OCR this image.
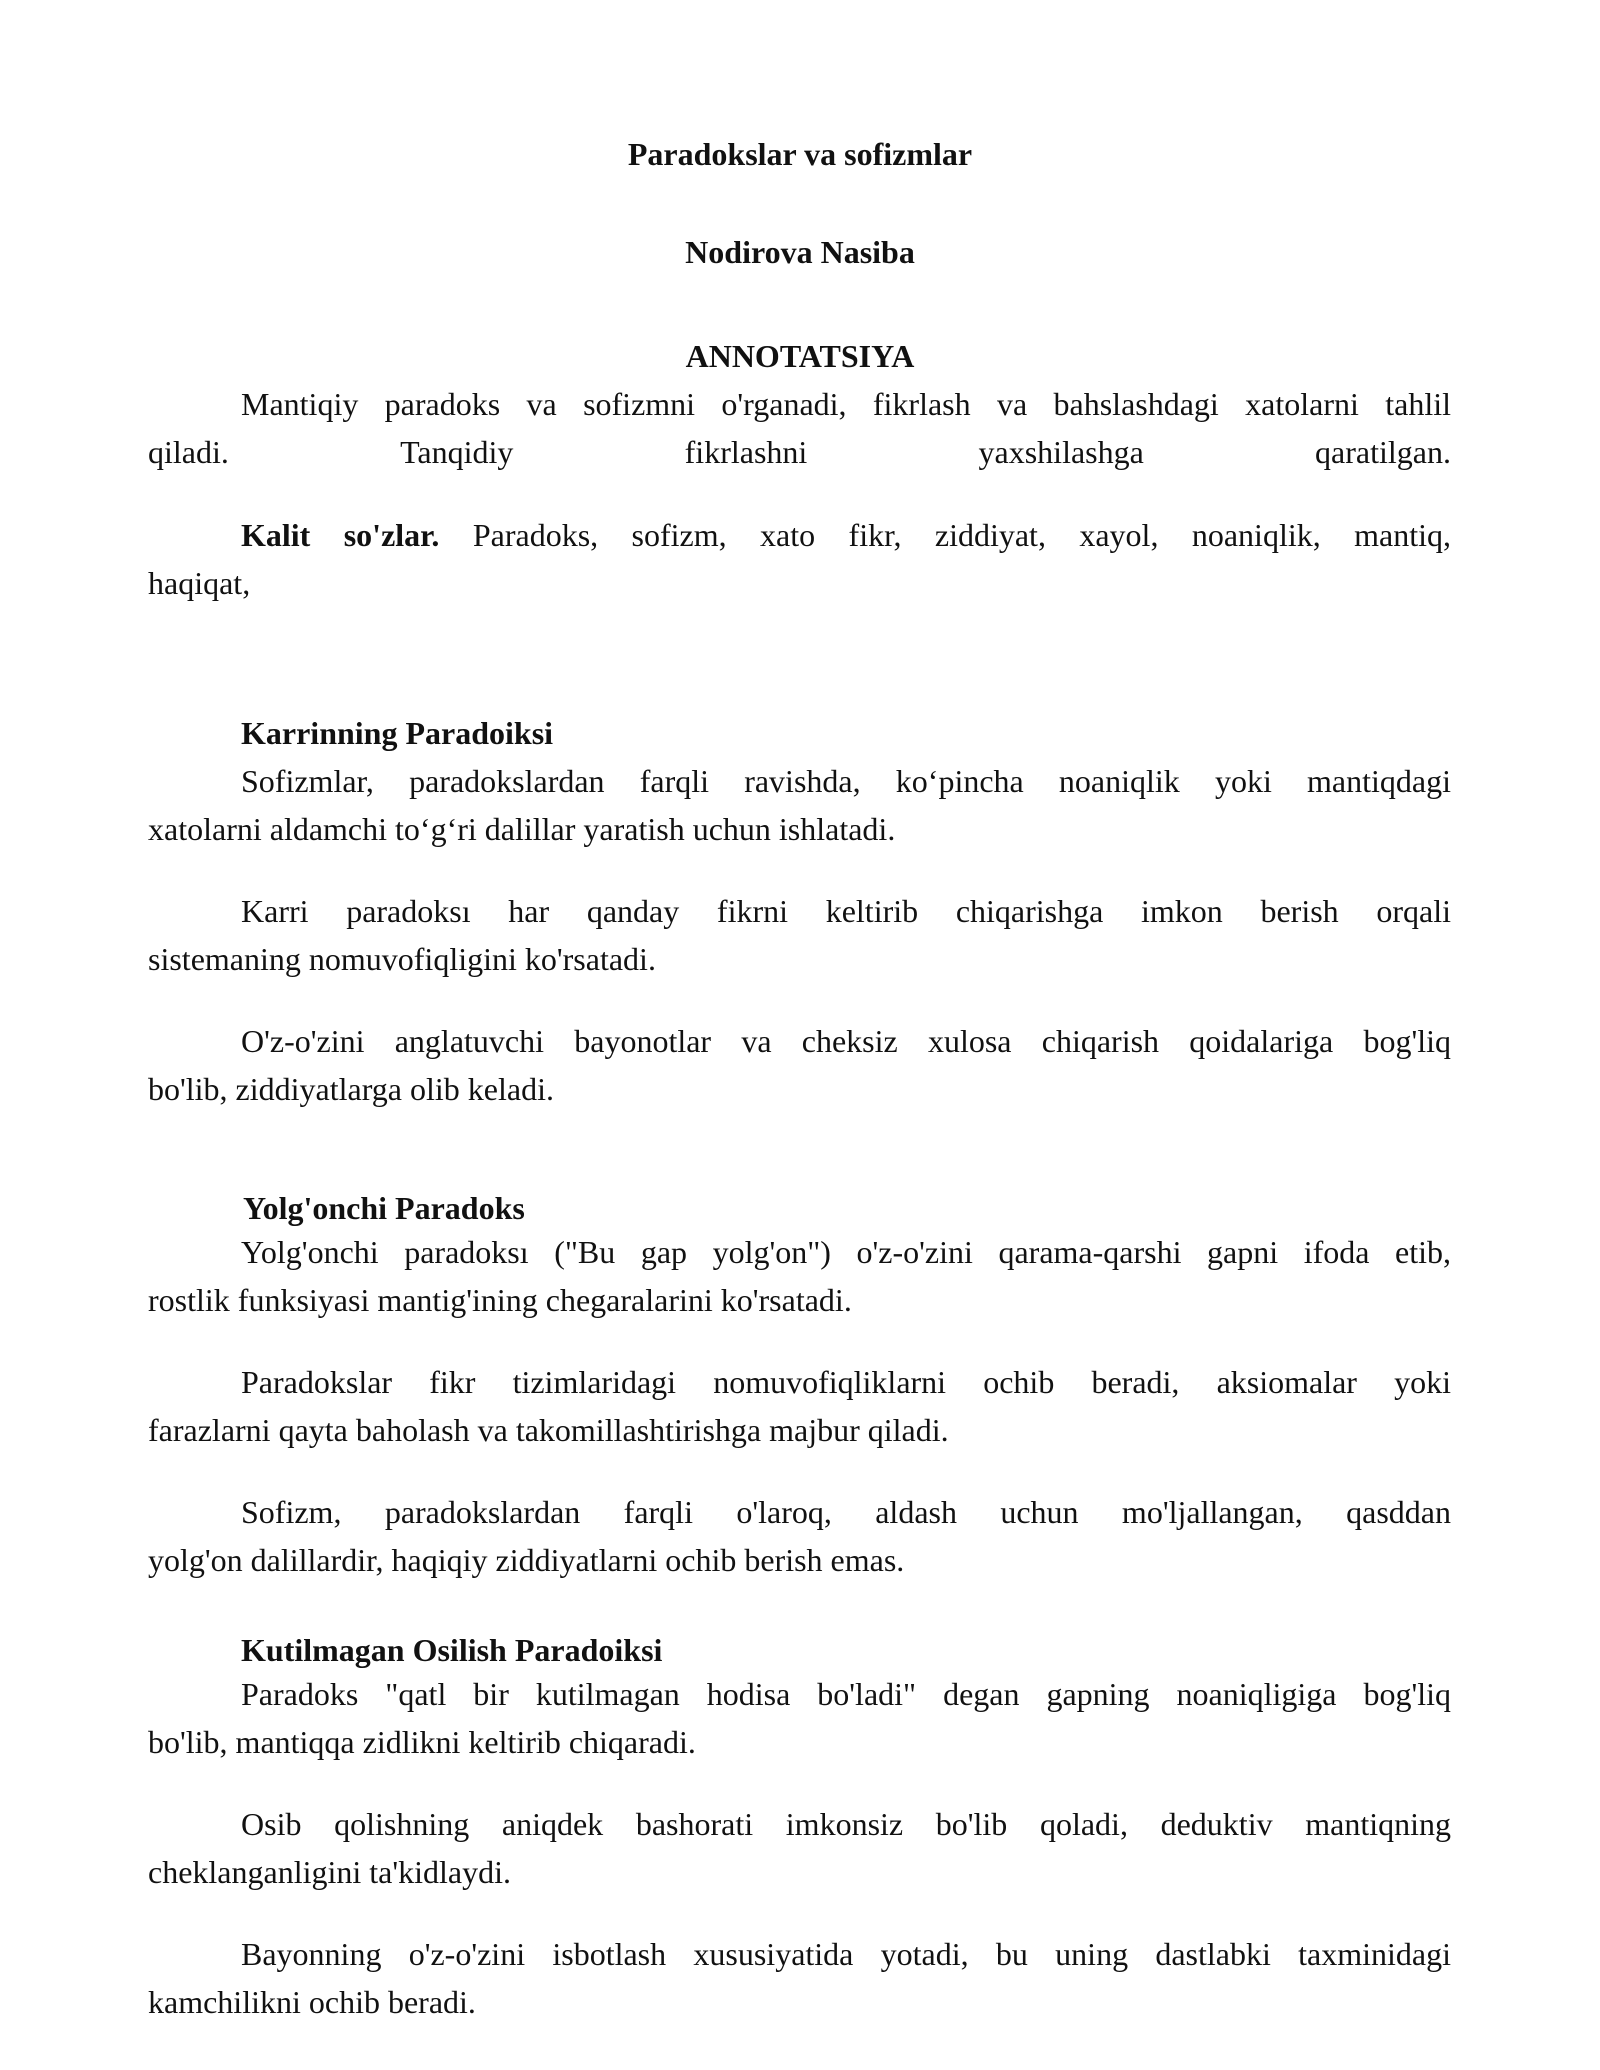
Paradokslar va sofizmlar
Nodirova Nasiba
ANNOTATSIYA
Mantiqiy paradoks va sofizmni o'rganadi, fikrlash va bahslashdagi xatolarni tahlil
qiladi.	Tanqidiy	fikrlashni	yaxshilashga	qaratilgan.
Kalit so'zlar. Paradoks, sofizm, xato fikr, ziddiyat, xayol, noaniqlik, mantiq,
haqiqat,
Karrinning Paradoiksi
Sofizmlar, paradokslardan farqli ravishda, ko‘pincha noaniqlik yoki mantiqdagi
xatolarni aldamchi to‘g‘ri dalillar yaratish uchun ishlatadi.
Karri paradoksı har qanday fikrni keltirib chiqarishga imkon berish orqali
sistemaning nomuvofiqligini ko'rsatadi.
O'z-o'zini anglatuvchi bayonotlar va cheksiz xulosa chiqarish qoidalariga bog'liq
bo'lib, ziddiyatlarga olib keladi.
Yolg'onchi Paradoks
Yolg'onchi paradoksı ("Bu gap yolg'on") o'z-o'zini qarama-qarshi gapni ifoda etib,
rostlik funksiyasi mantig'ining chegaralarini ko'rsatadi.
Paradokslar fikr tizimlaridagi nomuvofiqliklarni ochib beradi, aksiomalar yoki
farazlarni qayta baholash va takomillashtirishga majbur qiladi.
Sofizm, paradokslardan farqli o'laroq, aldash uchun mo'ljallangan, qasddan
yolg'on dalillardir, haqiqiy ziddiyatlarni ochib berish emas.
Kutilmagan Osilish Paradoiksi
Paradoks "qatl bir kutilmagan hodisa bo'ladi" degan gapning noaniqligiga bog'liq
bo'lib, mantiqqa zidlikni keltirib chiqaradi.
Osib qolishning aniqdek bashorati imkonsiz bo'lib qoladi, deduktiv mantiqning
cheklanganligini ta'kidlaydi.
Bayonning o'z-o'zini isbotlash xususiyatida yotadi, bu uning dastlabki taxminidagi
kamchilikni ochib beradi.
